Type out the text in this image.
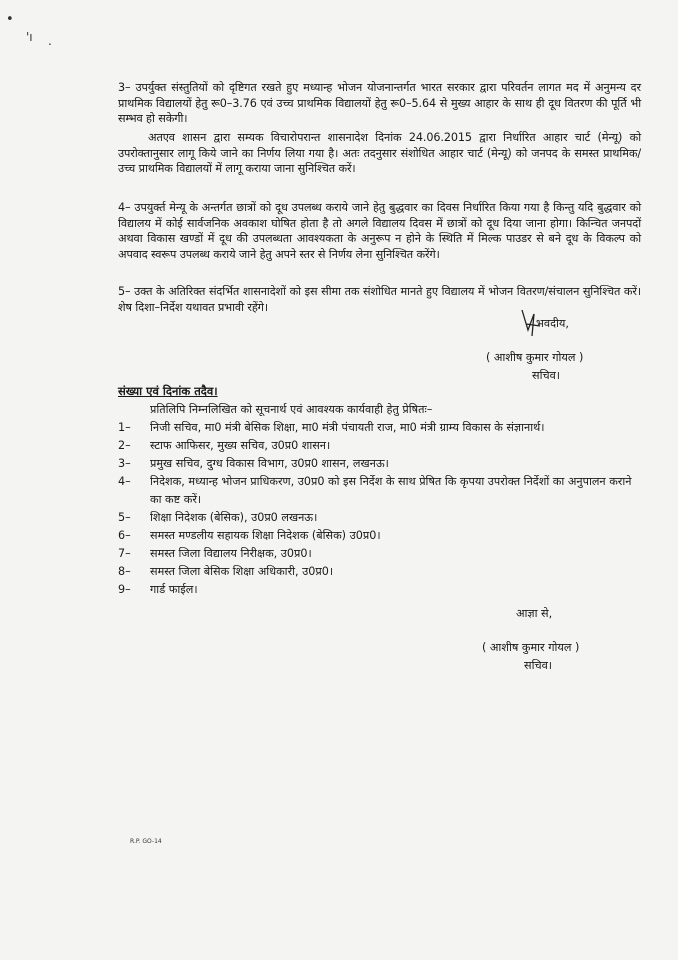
•
'ı .

3– उपर्युक्त संस्तुतियों को दृष्टिगत रखते हुए मध्यान्ह भोजन योजनान्तर्गत भारत सरकार द्वारा परिवर्तन लागत मद में अनुमन्य दर प्राथमिक विद्यालयों हेतु रू0–3.76 एवं उच्च प्राथमिक विद्यालयों हेतु रू0–5.64 से मुख्य आहार के साथ ही दूध वितरण की पूर्ति भी सम्भव हो सकेगी।

अतएव शासन द्वारा सम्यक विचारोपरान्त शासनादेश दिनांक 24.06.2015 द्वारा निर्धारित आहार चार्ट (मेन्यू) को उपरोक्तानुसार लागू किये जाने का निर्णय लिया गया है। अतः तदनुसार संशोधित आहार चार्ट (मेन्यू) को जनपद के समस्त प्राथमिक/उच्च प्राथमिक विद्यालयों में लागू कराया जाना सुनिश्चित करें।

4– उपयुर्क्त मेन्यू के अन्तर्गत छात्रों को दूध उपलब्ध कराये जाने हेतु बुद्धवार का दिवस निर्धारित किया गया है किन्तु यदि बुद्धवार को विद्यालय में कोई सार्वजनिक अवकाश घोषित होता है तो अगले विद्यालय दिवस में छात्रों को दूध दिया जाना होगा। किन्चित जनपदों अथवा विकास खण्डों में दूध की उपलब्धता आवश्यकता के अनुरूप न होने के स्थिति में मिल्क पाउडर से बने दूध के विकल्प को अपवाद स्वरूप उपलब्ध कराये जाने हेतु अपने स्तर से निर्णय लेना सुनिश्चित करेंगे।

5– उक्त के अतिरिक्त संदर्भित शासनादेशों को इस सीमा तक संशोधित मानते हुए विद्यालय में भोजन वितरण/संचालन सुनिश्चित करें। शेष दिशा–निर्देश यथावत प्रभावी रहेंगे।

भवदीय,
( आशीष कुमार गोयल )
सचिव।
संख्या एवं दिनांक तदैव।
प्रतिलिपि निम्नलिखित को सूचनार्थ एवं आवश्यक कार्यवाही हेतु प्रेषितः–
1–	निजी सचिव, मा0 मंत्री बेसिक शिक्षा, मा0 मंत्री पंचायती राज, मा0 मंत्री ग्राम्य विकास के संज्ञानार्थ।
2–	स्टाफ आफिसर, मुख्य सचिव, उ0प्र0 शासन।
3–	प्रमुख सचिव, दुग्ध विकास विभाग, उ0प्र0 शासन, लखनऊ।
4–	निदेशक, मध्यान्ह भोजन प्राधिकरण, उ0प्र0 को इस निर्देश के साथ प्रेषित कि कृपया उपरोक्त निर्देशों का अनुपालन कराने का कष्ट करें।
5–	शिक्षा निदेशक (बेसिक), उ0प्र0 लखनऊ।
6–	समस्त मण्डलीय सहायक शिक्षा निदेशक (बेसिक) उ0प्र0।
7–	समस्त जिला विद्यालय निरीक्षक, उ0प्र0।
8–	समस्त जिला बेसिक शिक्षा अधिकारी, उ0प्र0।
9–	गार्ड फाईल।
आज्ञा से,
( आशीष कुमार गोयल )
सचिव।
R.P. GO-14
